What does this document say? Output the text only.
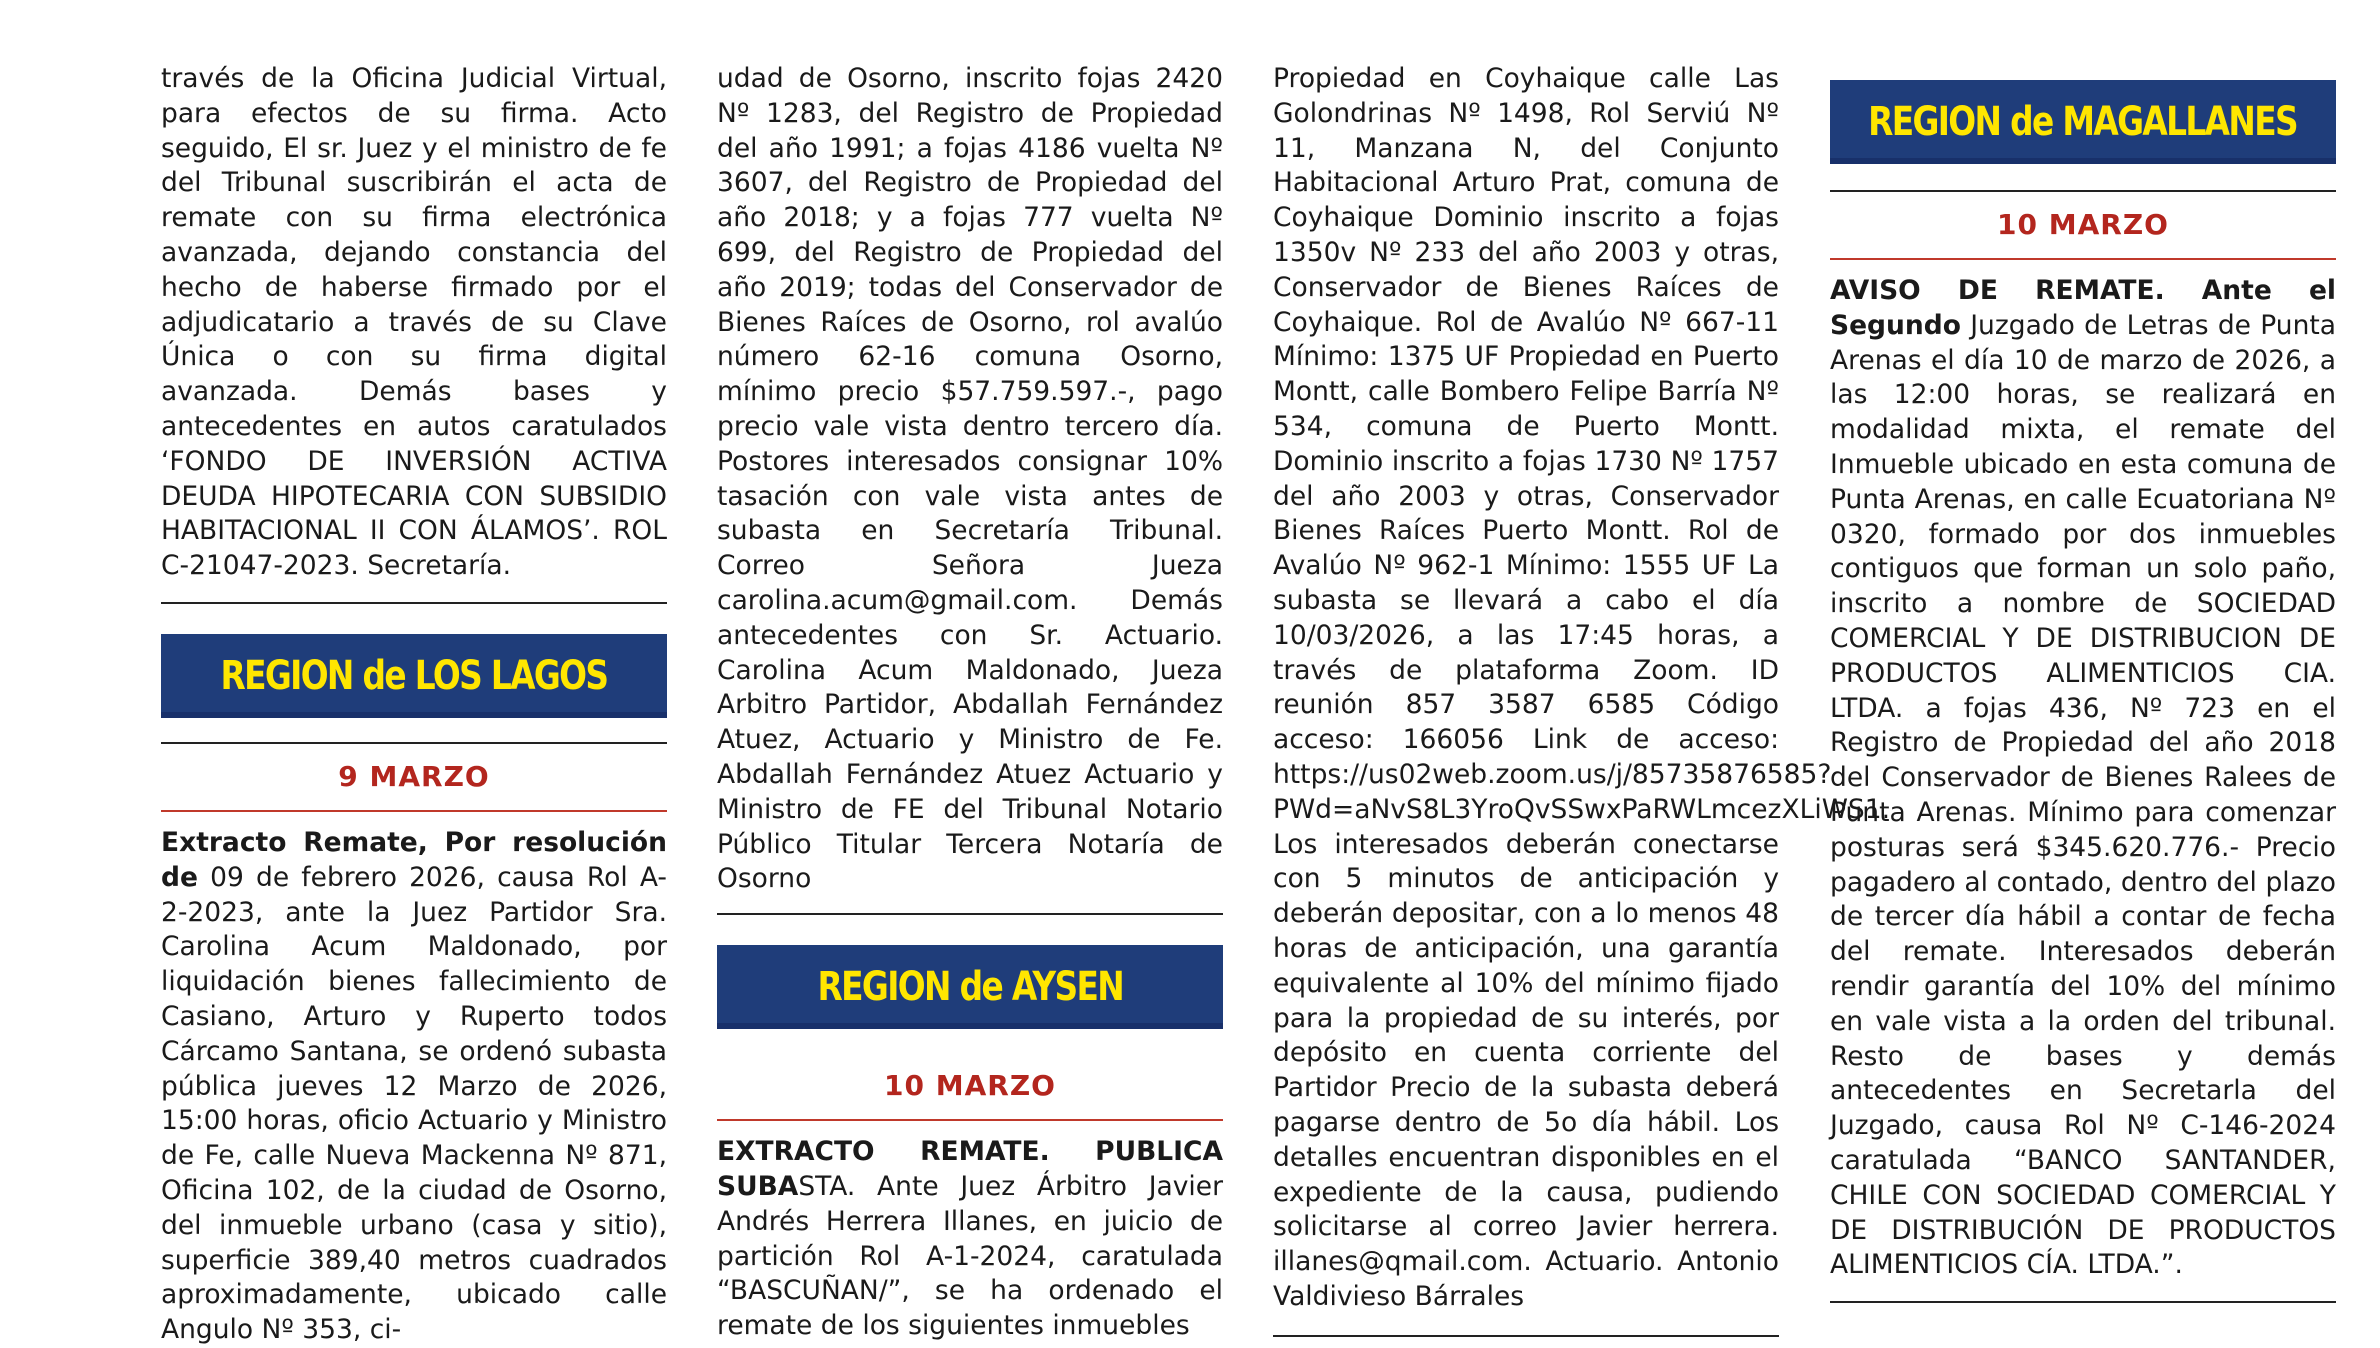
través de la Oficina Judicial Virtual, para efectos de su firma. Acto seguido, El sr. Juez y el ministro de fe del Tribunal suscribirán el acta de remate con su firma electrónica avanzada, dejando constancia del hecho de haberse firmado por el adjudicatario a través de su Clave Única o con su firma digital avanzada. Demás bases y antecedentes en autos caratulados ‘FONDO DE INVERSIÓN ACTIVA DEUDA HIPOTECARIA CON SUBSIDIO HABITACIONAL II CON ÁLAMOS’. ROL C-21047-2023. Secretaría.

REGION de LOS LAGOS
9 MARZO

Extracto Remate, Por resolución de 09 de febrero 2026, causa Rol A-2-2023, ante la Juez Partidor Sra. Carolina Acum Maldonado, por liquidación bienes fallecimiento de Casiano, Arturo y Ruperto todos Cárcamo Santana, se ordenó subasta pública jueves 12 Marzo de 2026, 15:00 horas, oficio Actuario y Ministro de Fe, calle Nueva Mackenna Nº 871, Oficina 102, de la ciudad de Osorno, del inmueble urbano (casa y sitio), superficie 389,40 metros cuadrados aproximadamente, ubicado calle Angulo Nº 353, ci-

udad de Osorno, inscrito fojas 2420 Nº 1283, del Registro de Propiedad del año 1991; a fojas 4186 vuelta Nº 3607, del Registro de Propiedad del año 2018; y a fojas 777 vuelta Nº 699, del Registro de Propiedad del año 2019; todas del Conservador de Bienes Raíces de Osorno, rol avalúo número 62-16 comuna Osorno, mínimo precio $57.759.597.-, pago precio vale vista dentro tercero día. Postores interesados consignar 10% tasación con vale vista antes de subasta en Secretaría Tribunal. Correo Señora Jueza carolina.acum@gmail.com. Demás antecedentes con Sr. Actuario. Carolina Acum Maldonado, Jueza Arbitro Partidor, Abdallah Fernández Atuez, Actuario y Ministro de Fe. Abdallah Fernández Atuez Actuario y Ministro de FE del Tribunal Notario Público Titular Tercera Notaría de Osorno

REGION de AYSEN
10 MARZO

EXTRACTO REMATE. PUBLICA SUBASTA. Ante Juez Árbitro Javier Andrés Herrera Illanes, en juicio de partición Rol A-1-2024, caratulada “BASCUÑAN/”, se ha ordenado el remate de los siguientes inmuebles

Propiedad en Coyhaique calle Las Golondrinas Nº 1498, Rol Serviú Nº 11, Manzana N, del Conjunto Habitacional Arturo Prat, comuna de Coyhaique Dominio inscrito a fojas 1350v Nº 233 del año 2003 y otras, Conservador de Bienes Raíces de Coyhaique. Rol de Avalúo Nº 667-11 Mínimo: 1375 UF Propiedad en Puerto Montt, calle Bombero Felipe Barría Nº 534, comuna de Puerto Montt. Dominio inscrito a fojas 1730 Nº 1757 del año 2003 y otras, Conservador Bienes Raíces Puerto Montt. Rol de Avalúo Nº 962-1 Mínimo: 1555 UF La subasta se llevará a cabo el día 10/03/2026, a las 17:45 horas, a través de plataforma Zoom. ID reunión 857 3587 6585 Código acceso: 166056 Link de acceso: https://us02web.zoom.us/j/85735876585?PWd=aNvS8L3YroQvSSwxPaRWLmcezXLiWS1. Los interesados deberán conectarse con 5 minutos de anticipación y deberán depositar, con a lo menos 48 horas de anticipación, una garantía equivalente al 10% del mínimo fijado para la propiedad de su interés, por depósito en cuenta corriente del Partidor Precio de la subasta deberá pagarse dentro de 5o día hábil. Los detalles encuentran disponibles en el expediente de la causa, pudiendo solicitarse al correo Javier herrera. illanes@qmail.com. Actuario. Antonio Valdivieso Bárrales

REGION de MAGALLANES
10 MARZO

AVISO DE REMATE. Ante el Segundo Juzgado de Letras de Punta Arenas el día 10 de marzo de 2026, a las 12:00 horas, se realizará en modalidad mixta, el remate del Inmueble ubicado en esta comuna de Punta Arenas, en calle Ecuatoriana Nº 0320, formado por dos inmuebles contiguos que forman un solo paño, inscrito a nombre de SOCIEDAD COMERCIAL Y DE DISTRIBUCION DE PRODUCTOS ALIMENTICIOS CIA. LTDA. a fojas 436, Nº 723 en el Registro de Propiedad del año 2018 del Conservador de Bienes Ralees de Punta Arenas. Mínimo para comenzar posturas será $345.620.776.- Precio pagadero al contado, dentro del plazo de tercer día hábil a contar de fecha del remate. Interesados deberán rendir garantía del 10% del mínimo en vale vista a la orden del tribunal. Resto de bases y demás antecedentes en Secretarla del Juzgado, causa Rol Nº C-146-2024 caratulada “BANCO SANTANDER, CHILE CON SOCIEDAD COMERCIAL Y DE DISTRIBUCIÓN DE PRODUCTOS ALIMENTICIOS CÍA. LTDA.”.
